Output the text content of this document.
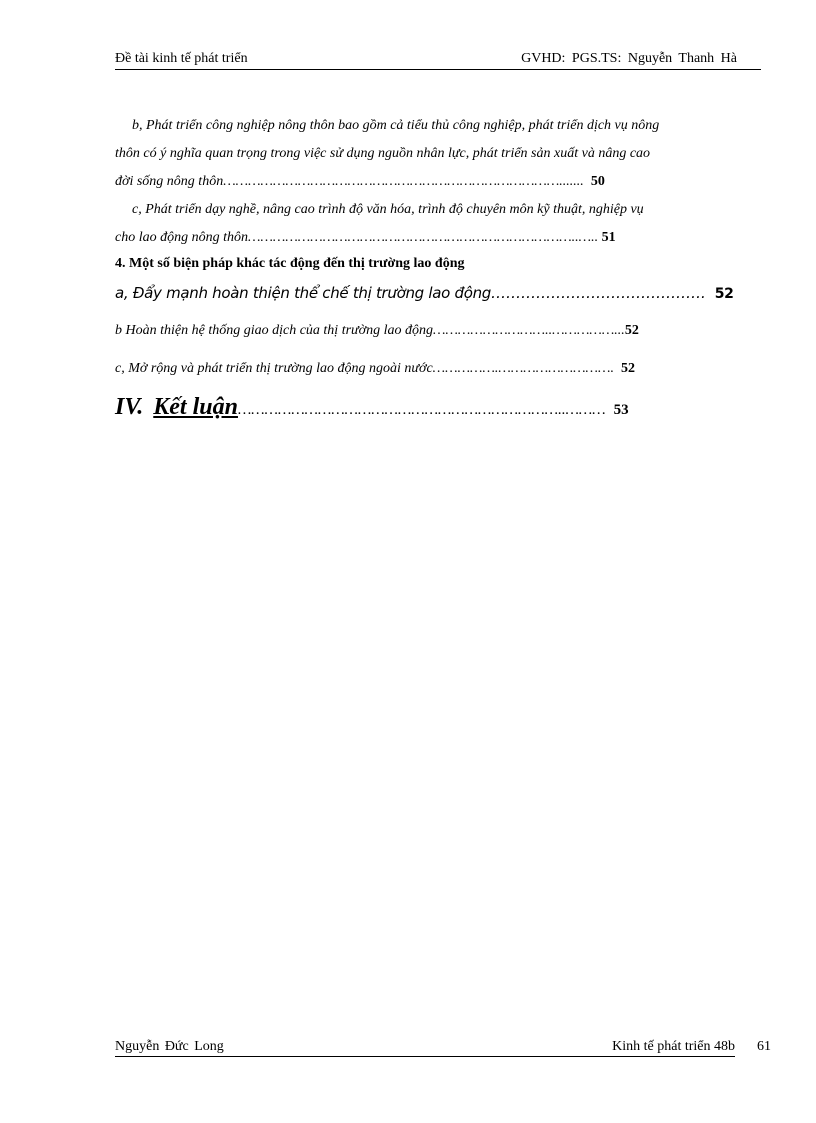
Đề tài kinh tế phát triển	GVHD: PGS.TS: Nguyễn Thanh Hà
b, Phát triển công nghiệp nông thôn bao gồm cả tiểu thủ công nghiệp, phát triển dịch vụ nông
thôn có ý nghĩa quan trọng trong việc sử dụng nguồn nhân lực, phát triển sản xuất và nâng cao
đời sống nông thôn………………………………………………………………………....... 50
c, Phát triển dạy nghề, nâng cao trình độ văn hóa, trình độ chuyên môn kỹ thuật, nghiệp vụ
cho lao động nông thôn……………………………………………………………………..….. 51
4. Một số biện pháp khác tác động đến thị trường lao động
a, Đẩy mạnh hoàn thiện thể chế thị trường lao động……………………………………. 52
b Hoàn thiện hệ thống giao dịch của thị trường lao động………………………..……………...52
c, Mở rộng và phát triển thị trường lao động ngoài nước…………….……………………….  52
IV. Kết luận………………………………………………………………..……… 53
Nguyễn Đức Long	Kinh tế phát triển 48b 61
